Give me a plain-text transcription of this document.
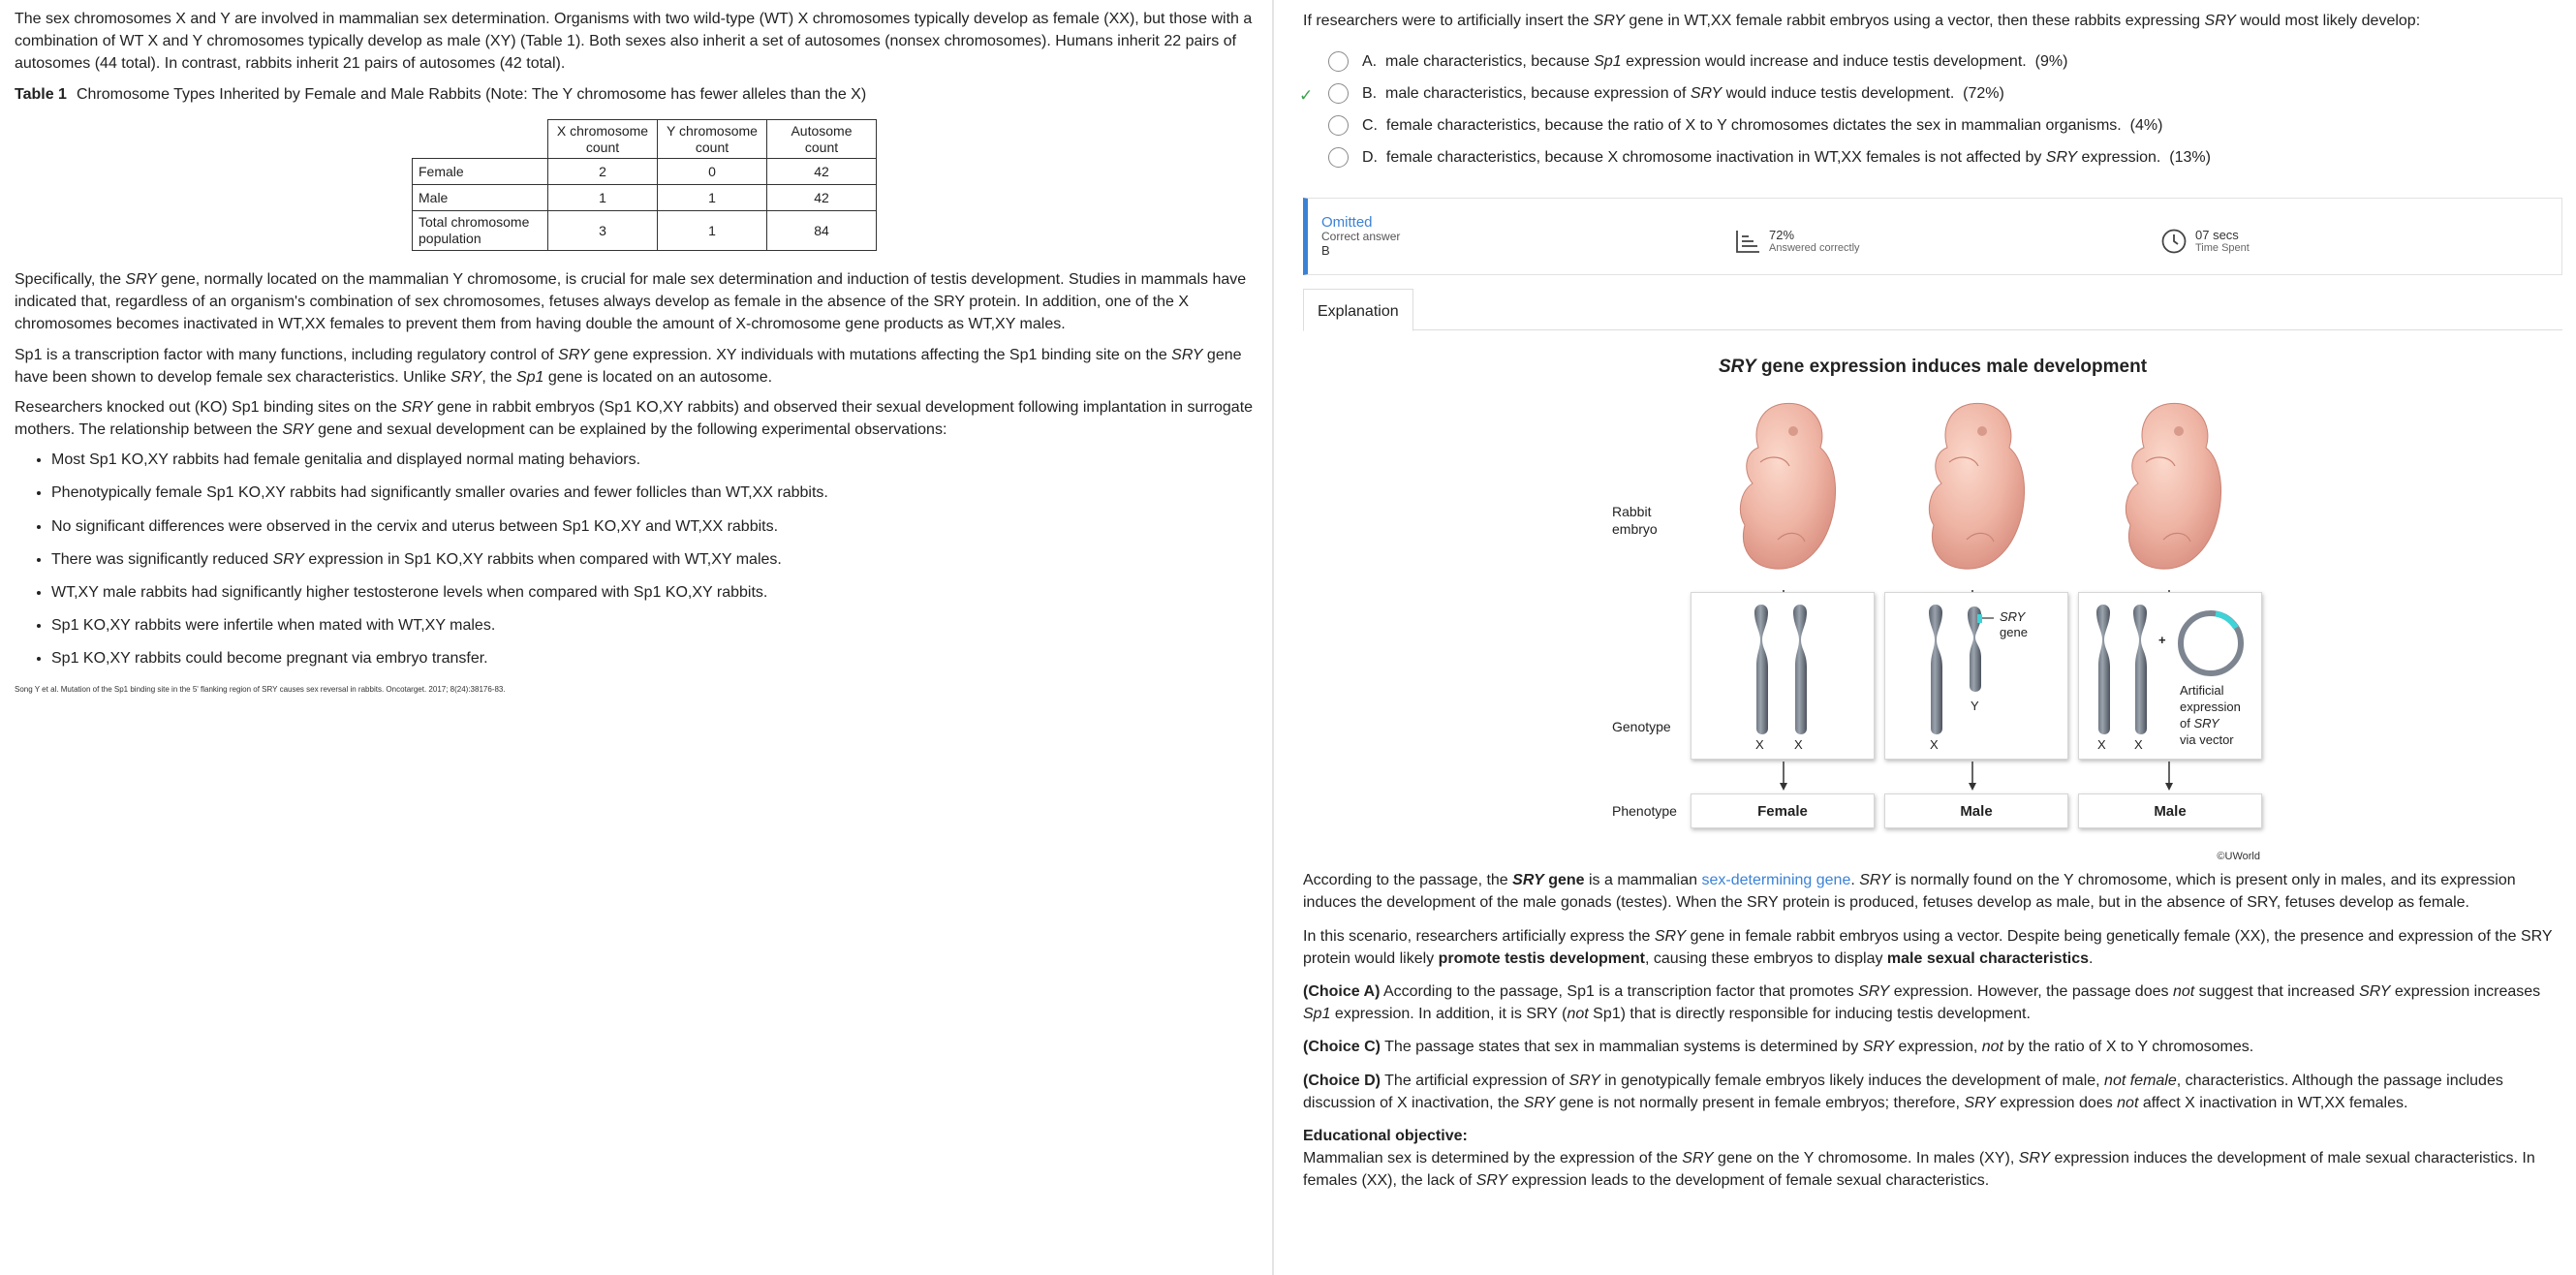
The sex chromosomes X and Y are involved in mammalian sex determination. Organisms with two wild-type (WT) X chromosomes typically develop as female (XX), but those with a combination of WT X and Y chromosomes typically develop as male (XY) (Table 1). Both sexes also inherit a set of autosomes (nonsex chromosomes). Humans inherit 22 pairs of autosomes (44 total). In contrast, rabbits inherit 21 pairs of autosomes (42 total).

Table 1 Chromosome Types Inherited by Female and Male Rabbits (Note: The Y chromosome has fewer alleles than the X)

	X chromosome count	Y chromosome count	Autosome count
Female	2	0	42
Male	1	1	42
Total chromosome population	3	1	84

Specifically, the SRY gene, normally located on the mammalian Y chromosome, is crucial for male sex determination and induction of testis development. Studies in mammals have indicated that, regardless of an organism's combination of sex chromosomes, fetuses always develop as female in the absence of the SRY protein. In addition, one of the X chromosomes becomes inactivated in WT,XX females to prevent them from having double the amount of X-chromosome gene products as WT,XY males.

Sp1 is a transcription factor with many functions, including regulatory control of SRY gene expression. XY individuals with mutations affecting the Sp1 binding site on the SRY gene have been shown to develop female sex characteristics. Unlike SRY, the Sp1 gene is located on an autosome.

Researchers knocked out (KO) Sp1 binding sites on the SRY gene in rabbit embryos (Sp1 KO,XY rabbits) and observed their sexual development following implantation in surrogate mothers. The relationship between the SRY gene and sexual development can be explained by the following experimental observations:

• Most Sp1 KO,XY rabbits had female genitalia and displayed normal mating behaviors.
• Phenotypically female Sp1 KO,XY rabbits had significantly smaller ovaries and fewer follicles than WT,XX rabbits.
• No significant differences were observed in the cervix and uterus between Sp1 KO,XY and WT,XX rabbits.
• There was significantly reduced SRY expression in Sp1 KO,XY rabbits when compared with WT,XY males.
• WT,XY male rabbits had significantly higher testosterone levels when compared with Sp1 KO,XY rabbits.
• Sp1 KO,XY rabbits were infertile when mated with WT,XY males.
• Sp1 KO,XY rabbits could become pregnant via embryo transfer.
Song Y et al. Mutation of the Sp1 binding site in the 5' flanking region of SRY causes sex reversal in rabbits. Oncotarget. 2017; 8(24):38176-83.

If researchers were to artificially insert the SRY gene in WT,XX female rabbit embryos using a vector, then these rabbits expressing SRY would most likely develop:

A. male characteristics, because Sp1 expression would increase and induce testis development. (9%)
✓	B. male characteristics, because expression of SRY would induce testis development. (72%)
C. female characteristics, because the ratio of X to Y chromosomes dictates the sex in mammalian organisms. (4%)
D. female characteristics, because X chromosome inactivation in WT,XX females is not affected by SRY expression. (13%)
Omitted
Correct answer
B
72%
Answered correctly
07 secs
Time Spent
Explanation
SRY gene expression induces male development
Rabbit
embryo
Genotype
Phenotype
X X
SRY
gene
Y
X
+
Artificial
expression
of SRY
via vector
X X
Female	Male	Male
©UWorld

According to the passage, the SRY gene is a mammalian sex-determining gene. SRY is normally found on the Y chromosome, which is present only in males, and its expression induces the development of the male gonads (testes). When the SRY protein is produced, fetuses develop as male, but in the absence of SRY, fetuses develop as female.

In this scenario, researchers artificially express the SRY gene in female rabbit embryos using a vector. Despite being genetically female (XX), the presence and expression of the SRY protein would likely promote testis development, causing these embryos to display male sexual characteristics.

(Choice A) According to the passage, Sp1 is a transcription factor that promotes SRY expression. However, the passage does not suggest that increased SRY expression increases Sp1 expression. In addition, it is SRY (not Sp1) that is directly responsible for inducing testis development.

(Choice C) The passage states that sex in mammalian systems is determined by SRY expression, not by the ratio of X to Y chromosomes.

(Choice D) The artificial expression of SRY in genotypically female embryos likely induces the development of male, not female, characteristics. Although the passage includes discussion of X inactivation, the SRY gene is not normally present in female embryos; therefore, SRY expression does not affect X inactivation in WT,XX females.

Educational objective:

Mammalian sex is determined by the expression of the SRY gene on the Y chromosome. In males (XY), SRY expression induces the development of male sexual characteristics. In females (XX), the lack of SRY expression leads to the development of female sexual characteristics.
